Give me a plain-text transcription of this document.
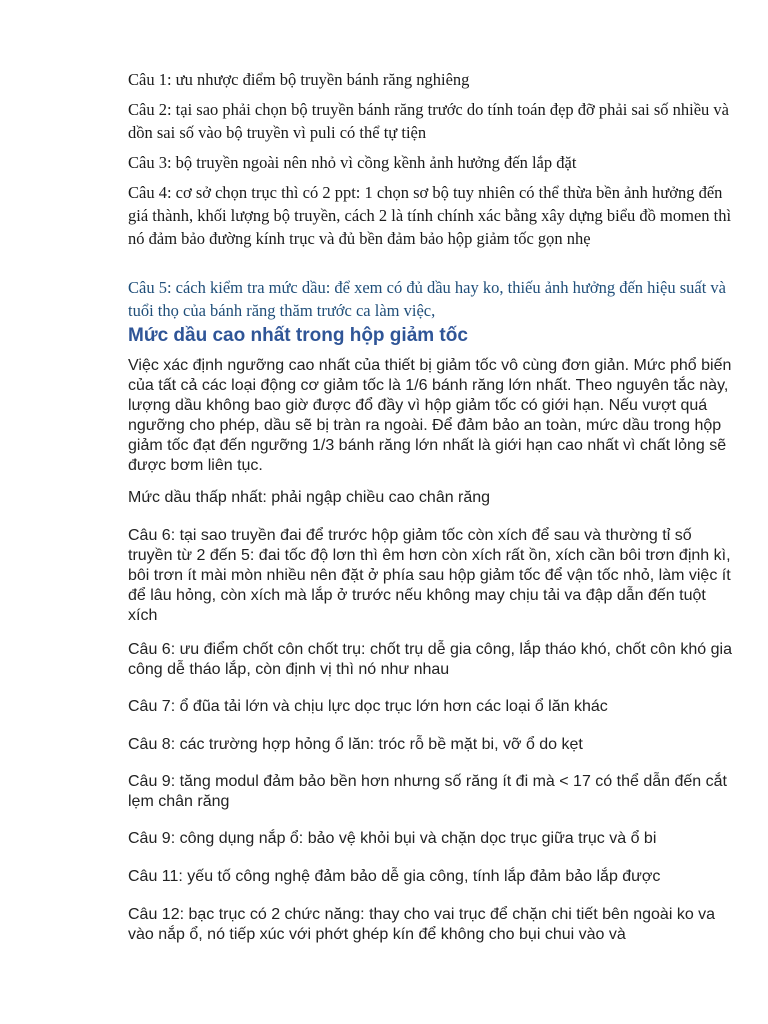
Câu 1: ưu nhược điểm bộ truyền bánh răng nghiêng

Câu 2: tại sao phải chọn bộ truyền bánh răng trước do tính toán đẹp đỡ phải sai số nhiều và dồn sai số vào bộ truyền vì puli có thể tự tiện

Câu 3: bộ truyền ngoài nên nhỏ vì cồng kềnh ảnh hưởng đến lắp đặt

Câu 4: cơ sở chọn trục thì có 2 ppt: 1 chọn sơ bộ tuy nhiên có thể thừa bền ảnh hưởng đến giá thành, khối lượng bộ truyền, cách 2 là tính chính xác bằng xây dựng biểu đồ momen thì nó đảm bảo đường kính trục và đủ bền đảm bảo hộp giảm tốc gọn nhẹ

Câu 5: cách kiểm tra mức dầu: để xem có đủ dầu hay ko, thiếu ảnh hưởng đến hiệu suất và tuổi thọ của bánh răng thăm trước ca làm việc,

Mức dầu cao nhất trong hộp giảm tốc

Việc xác định ngưỡng cao nhất của thiết bị giảm tốc vô cùng đơn giản. Mức phổ biến của tất cả các loại động cơ giảm tốc là 1/6 bánh răng lớn nhất. Theo nguyên tắc này, lượng dầu không bao giờ được đổ đầy vì hộp giảm tốc có giới hạn. Nếu vượt quá ngưỡng cho phép, dầu sẽ bị tràn ra ngoài. Để đảm bảo an toàn, mức dầu trong hộp giảm tốc đạt đến ngưỡng 1/3 bánh răng lớn nhất là giới hạn cao nhất vì chất lỏng sẽ được bơm liên tục.

Mức dầu thấp nhất: phải ngập chiều cao chân răng

Câu 6: tại sao truyền đai để trước hộp giảm tốc còn xích để sau và thường tỉ số truyền từ 2 đến 5: đai tốc độ lơn thì êm hơn còn xích rất ồn, xích cần bôi trơn định kì, bôi trơn ít mài mòn nhiều nên đặt ở phía sau hộp giảm tốc để vận tốc nhỏ, làm việc ít để lâu hỏng, còn xích mà lắp ở trước nếu không may chịu tải va đập dẫn đến tuột xích

Câu 6: ưu điểm chốt côn chốt trụ: chốt trụ dễ gia công, lắp tháo khó, chốt côn khó gia công dễ tháo lắp, còn định vị thì nó như nhau

Câu 7: ổ đũa tải lớn và chịu lực dọc trục lớn hơn các loại ổ lăn khác

Câu 8: các trường hợp hỏng ổ lăn: tróc rỗ bề mặt bi, vỡ ổ do kẹt

Câu 9: tăng modul đảm bảo bền hơn nhưng số răng ít đi mà < 17 có thể dẫn đến cắt lẹm chân răng

Câu 9: công dụng nắp ổ: bảo vệ khỏi bụi và chặn dọc trục giữa trục và ổ bi

Câu 11: yếu tố công nghệ đảm bảo dễ gia công, tính lắp đảm bảo lắp được

Câu 12: bạc trục có 2 chức năng: thay cho vai trục để chặn chi tiết bên ngoài ko va vào nắp ổ, nó tiếp xúc với phớt ghép kín để không cho bụi chui vào và
